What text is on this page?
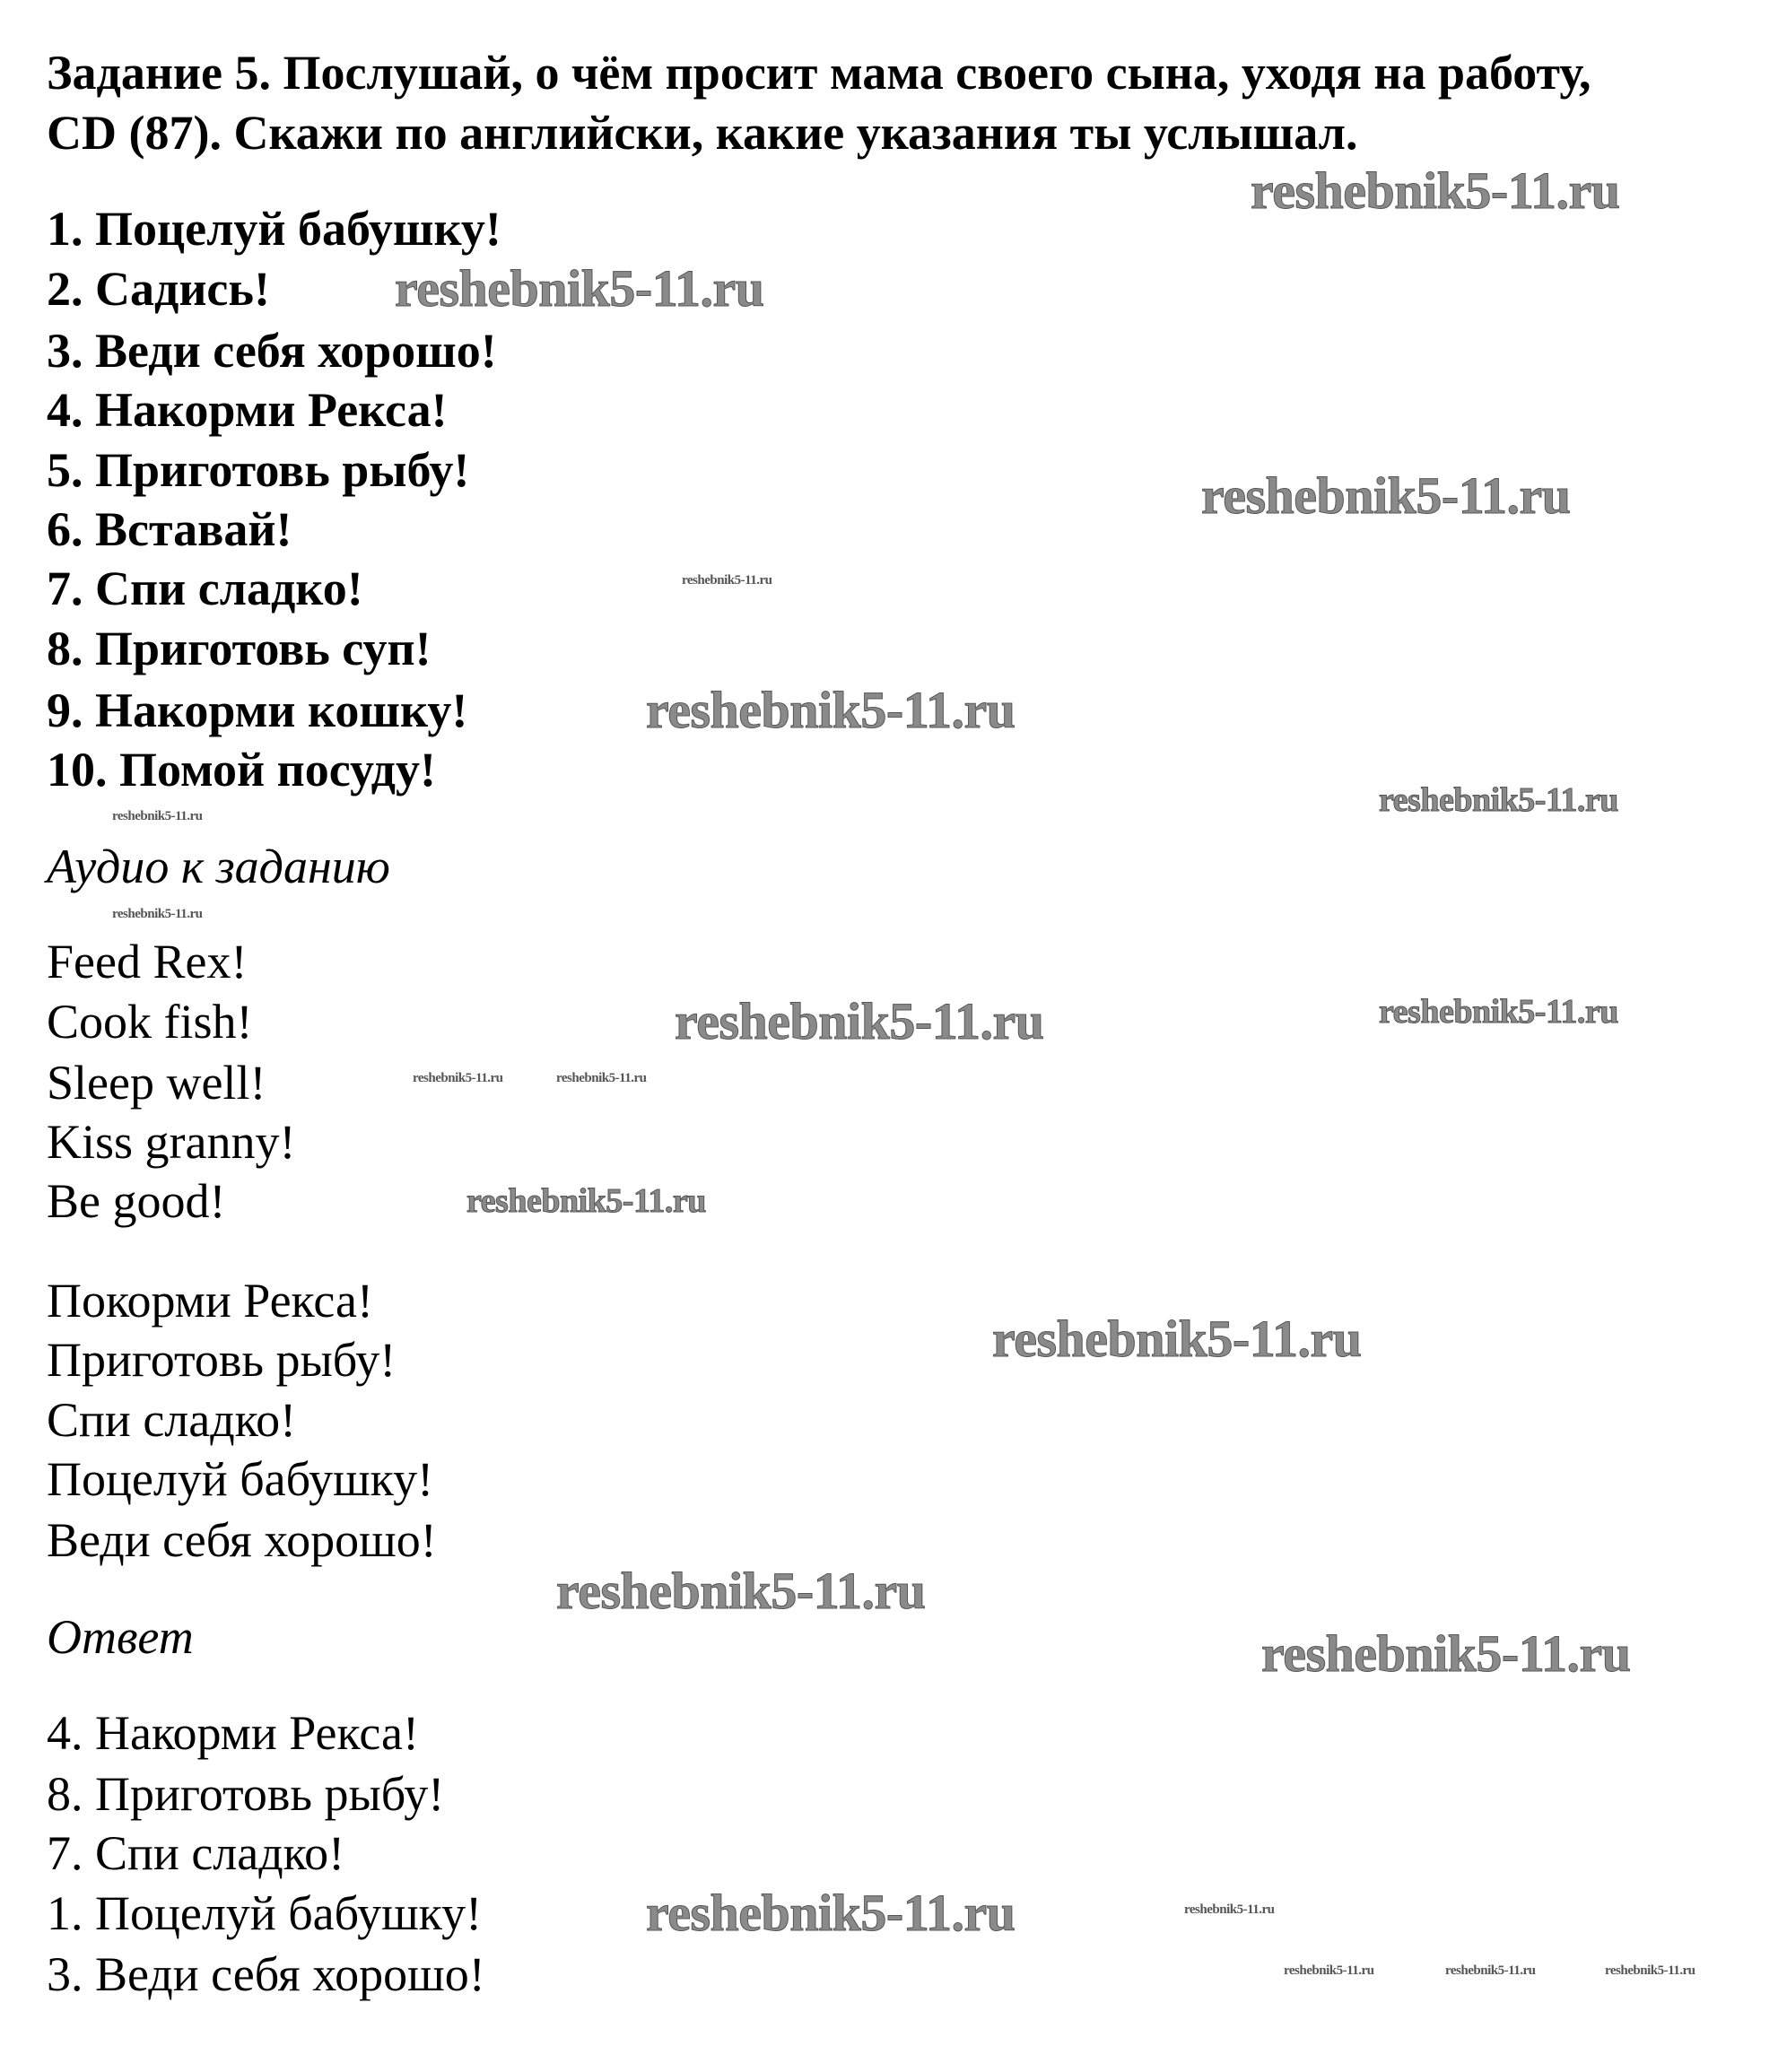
Задание 5. Послушай, о чём просит мама своего сына, уходя на работу,
CD (87). Скажи по английски, какие указания ты услышал.
1. Поцелуй бабушку!
2. Садись!
3. Веди себя хорошо!
4. Накорми Рекса!
5. Приготовь рыбу!
6. Вставай!
7. Спи сладко!
8. Приготовь суп!
9. Накорми кошку!
10. Помой посуду!
Аудио к заданию
Feed Rex!
Cook fish!
Sleep well!
Kiss granny!
Be good!
Покорми Рекса!
Приготовь рыбу!
Спи сладко!
Поцелуй бабушку!
Веди себя хорошо!
Ответ
4. Накорми Рекса!
8. Приготовь рыбу!
7. Спи сладко!
1. Поцелуй бабушку!
3. Веди себя хорошо!
reshebnik5-11.ru
reshebnik5-11.ru
reshebnik5-11.ru
reshebnik5-11.ru
reshebnik5-11.ru
reshebnik5-11.ru
reshebnik5-11.ru
reshebnik5-11.ru
reshebnik5-11.ru	reshebnik5-11.ru
reshebnik5-11.ru	reshebnik5-11.ru
reshebnik5-11.ru
reshebnik5-11.ru
reshebnik5-11.ru
reshebnik5-11.ru
reshebnik5-11.ru
reshebnik5-11.ru
reshebnik5-11.ru	reshebnik5-11.ru	reshebnik5-11.ru
